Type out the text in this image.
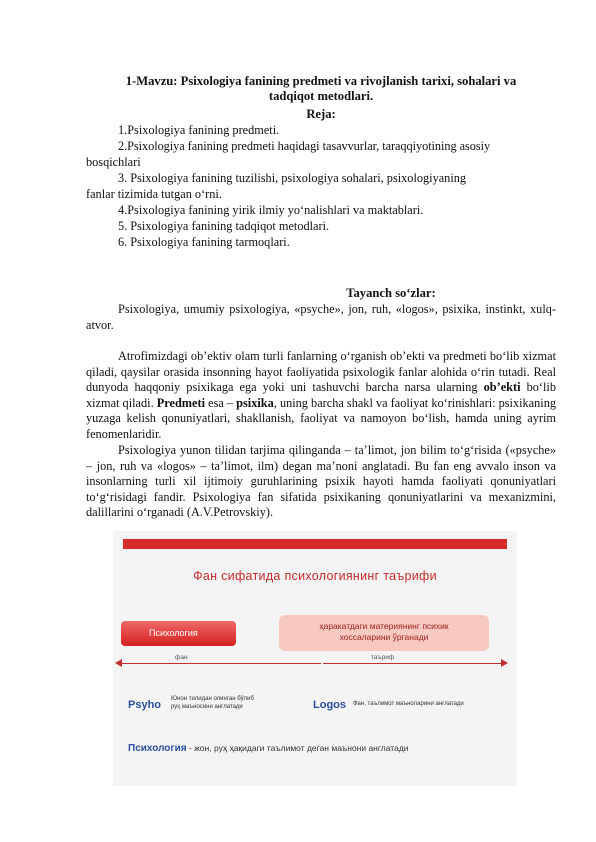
1-Mavzu: Psixologiya fanining predmeti va rivojlanish tarixi, sohalari va
tadqiqot metodlari.
Reja:
1.Psixologiya fanining predmeti.
2.Psixologiya fanining predmeti haqidagi tasavvurlar, taraqqiyotining asosiy
bosqichlari
3. Psixologiya fanining tuzilishi, psixologiya sohalari, psixologiyaning
fanlar tizimida tutgan o‘rni.
4.Psixologiya fanining yirik ilmiy yo‘nalishlari va maktablari.
5. Psixologiya fanining tadqiqot metodlari.
6. Psixologiya fanining tarmoqlari.
Tayanch so‘zlar:

Psixologiya, umumiy psixologiya, «psyche», jon, ruh, «logos», psixika, instinkt, xulq-atvor.

Atrofimizdagi ob’ektiv olam turli fanlarning o‘rganish ob’ekti va predmeti bo‘lib xizmat qiladi, qaysilar orasida insonning hayot faoliyatida psixologik fanlar alohida o‘rin tutadi. Real dunyoda haqqoniy psixikaga ega yoki uni tashuvchi barcha narsa ularning ob’ekti bo‘lib xizmat qiladi. Predmeti esa – psixika, uning barcha shakl va faoliyat ko‘rinishlari: psixikaning yuzaga kelish qonuniyatlari, shakllanish, faoliyat va namoyon bo‘lish, hamda uning ayrim fenomenlaridir.

Psixologiya yunon tilidan tarjima qilinganda – ta’limot, jon bilim to‘g‘risida («psyche» – jon, ruh va «logos» – ta’limot, ilm) degan ma’noni anglatadi. Bu fan eng avvalo inson va insonlarning turli xil ijtimoiy guruhlarining psixik hayoti hamda faoliyati qonuniyatlari to‘g‘risidagi fandir. Psixologiya fan sifatida psixikaning qonuniyatlarini va mexanizmini, dalillarini o‘rganadi (A.V.Petrovskiy).

Фан сифатида психологиянинг таърифи
Психология
ҳаракатдаги материянинг психик
хоссаларини ўрганади
фан	таъриф
Psyho Юнон тилидан олинган бўлиб
руҳ маъносини англатади	Logos Фан, таълимот маъноларини англатади
Психология - жон, руҳ ҳақидаги таълимот деган маънони англатади
